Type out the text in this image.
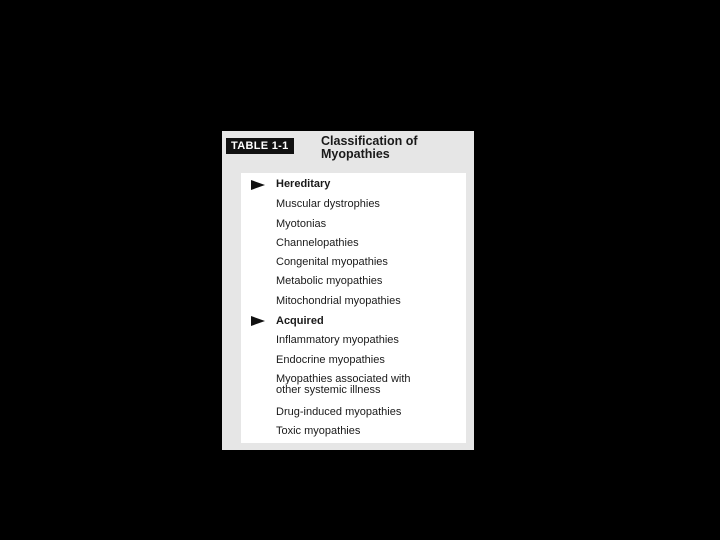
TABLE 1-1	Classification of
Myopathies
Hereditary
Muscular dystrophies
Myotonias
Channelopathies
Congenital myopathies
Metabolic myopathies
Mitochondrial myopathies
Acquired
Inflammatory myopathies
Endocrine myopathies
Myopathies associated with
other systemic illness
Drug-induced myopathies
Toxic myopathies
